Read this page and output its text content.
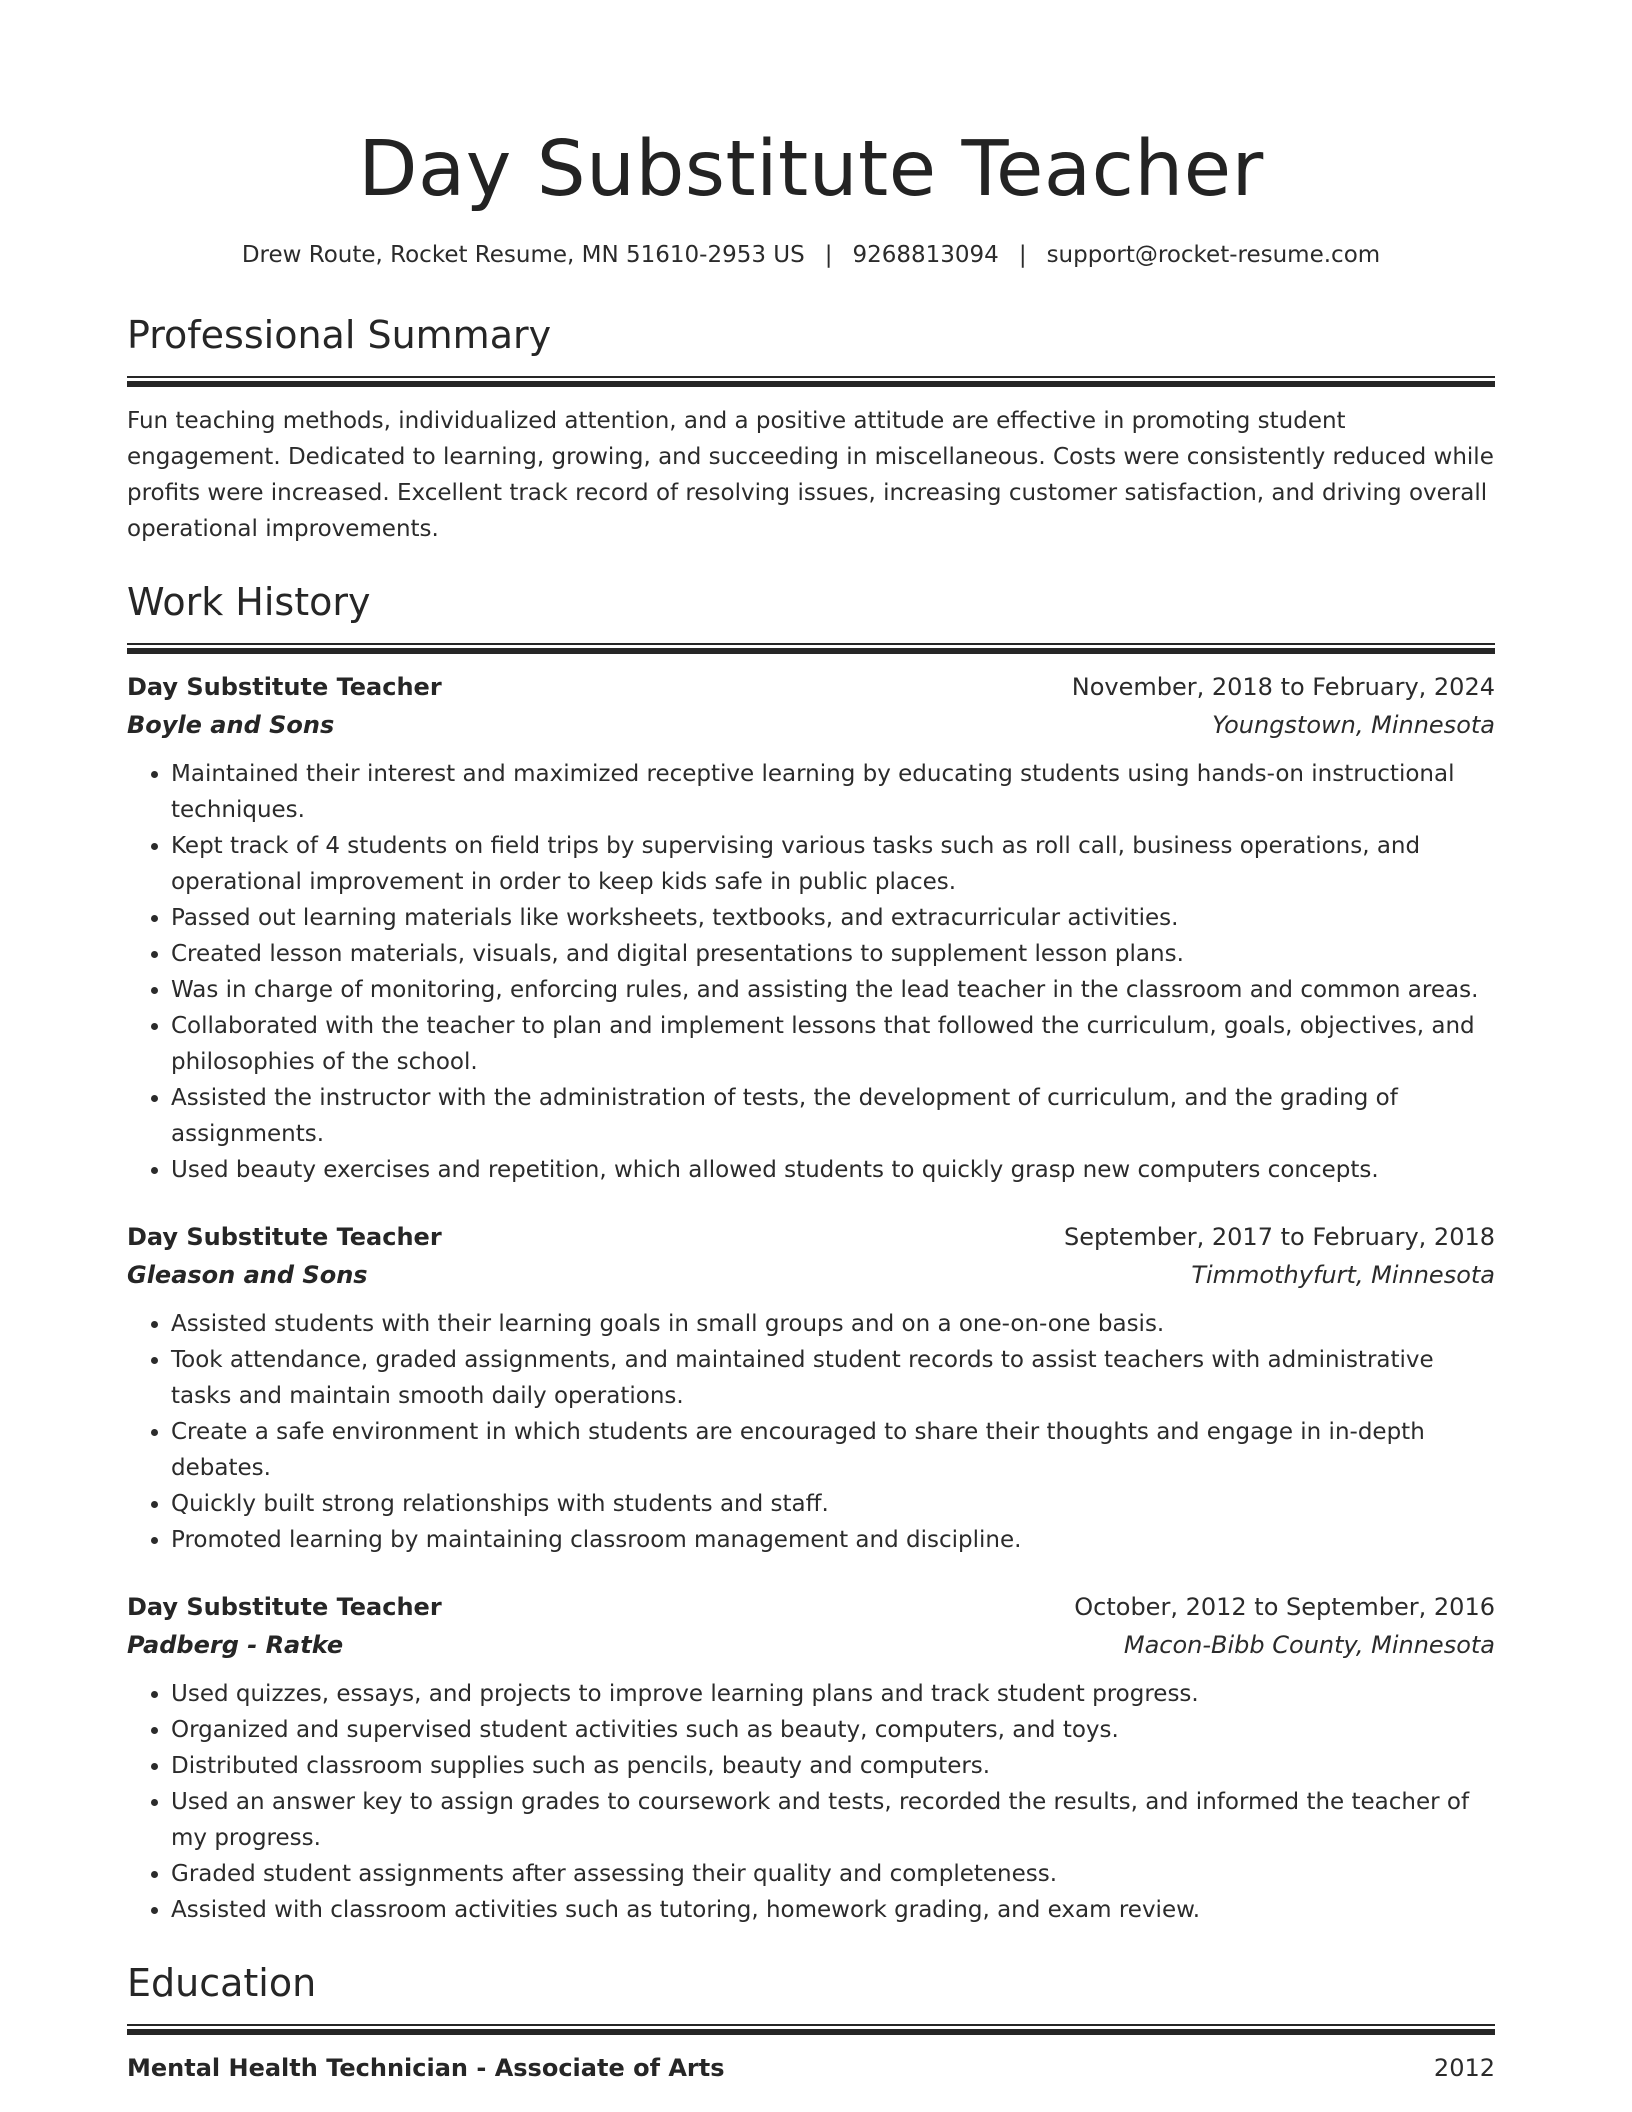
Day Substitute Teacher
Drew Route, Rocket Resume, MN 51610-2953 US | 9268813094 | support@rocket-resume.com
Professional Summary
Fun teaching methods, individualized attention, and a positive attitude are effective in promoting student engagement. Dedicated to learning, growing, and succeeding in miscellaneous. Costs were consistently reduced while profits were increased. Excellent track record of resolving issues, increasing customer satisfaction, and driving overall operational improvements.
Work History
Day Substitute Teacher	November, 2018 to February, 2024
Boyle and Sons	Youngstown, Minnesota
• Maintained their interest and maximized receptive learning by educating students using hands-on instructional techniques.
• Kept track of 4 students on field trips by supervising various tasks such as roll call, business operations, and operational improvement in order to keep kids safe in public places.
• Passed out learning materials like worksheets, textbooks, and extracurricular activities.
• Created lesson materials, visuals, and digital presentations to supplement lesson plans.
• Was in charge of monitoring, enforcing rules, and assisting the lead teacher in the classroom and common areas.
• Collaborated with the teacher to plan and implement lessons that followed the curriculum, goals, objectives, and philosophies of the school.
• Assisted the instructor with the administration of tests, the development of curriculum, and the grading of assignments.
• Used beauty exercises and repetition, which allowed students to quickly grasp new computers concepts.
Day Substitute Teacher	September, 2017 to February, 2018
Gleason and Sons	Timmothyfurt, Minnesota
• Assisted students with their learning goals in small groups and on a one-on-one basis.
• Took attendance, graded assignments, and maintained student records to assist teachers with administrative tasks and maintain smooth daily operations.
• Create a safe environment in which students are encouraged to share their thoughts and engage in in-depth debates.
• Quickly built strong relationships with students and staff.
• Promoted learning by maintaining classroom management and discipline.
Day Substitute Teacher	October, 2012 to September, 2016
Padberg - Ratke	Macon-Bibb County, Minnesota
• Used quizzes, essays, and projects to improve learning plans and track student progress.
• Organized and supervised student activities such as beauty, computers, and toys.
• Distributed classroom supplies such as pencils, beauty and computers.
• Used an answer key to assign grades to coursework and tests, recorded the results, and informed the teacher of my progress.
• Graded student assignments after assessing their quality and completeness.
• Assisted with classroom activities such as tutoring, homework grading, and exam review.
Education
Mental Health Technician - Associate of Arts	2012
